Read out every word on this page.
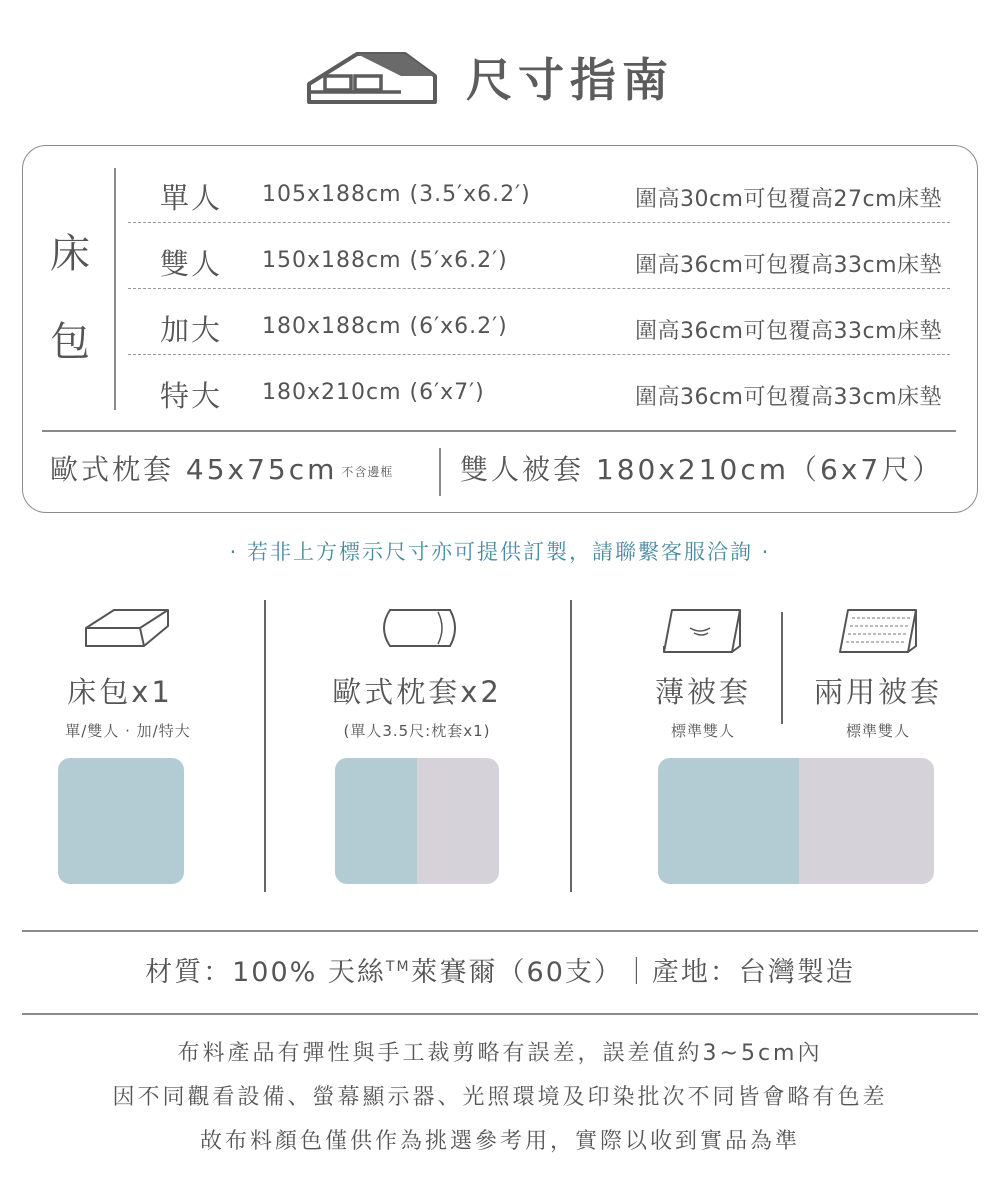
尺寸指南
床
包
單人 105x188cm (3.5′x6.2′)	圍高30cm可包覆高27cm床墊
雙人 150x188cm (5′x6.2′)	圍高36cm可包覆高33cm床墊
加大 180x188cm (6′x6.2′)	圍高36cm可包覆高33cm床墊
特大 180x210cm (6′x7′)	圍高36cm可包覆高33cm床墊
歐式枕套 45x75cm 不含邊框 雙人被套 180x210cm（6x7尺）
· 若非上方標示尺寸亦可提供訂製，請聯繫客服洽詢 ·
床包x1
單/雙人 · 加/特大
歐式枕套x2
(單人3.5尺:枕套x1)
薄被套
標準雙人
兩用被套
標準雙人
材質：100% 天絲™萊賽爾（60支）｜產地：台灣製造
布料產品有彈性與手工裁剪略有誤差，誤差值約3~5cm內
因不同觀看設備、螢幕顯示器、光照環境及印染批次不同皆會略有色差
故布料顏色僅供作為挑選參考用，實際以收到實品為準
